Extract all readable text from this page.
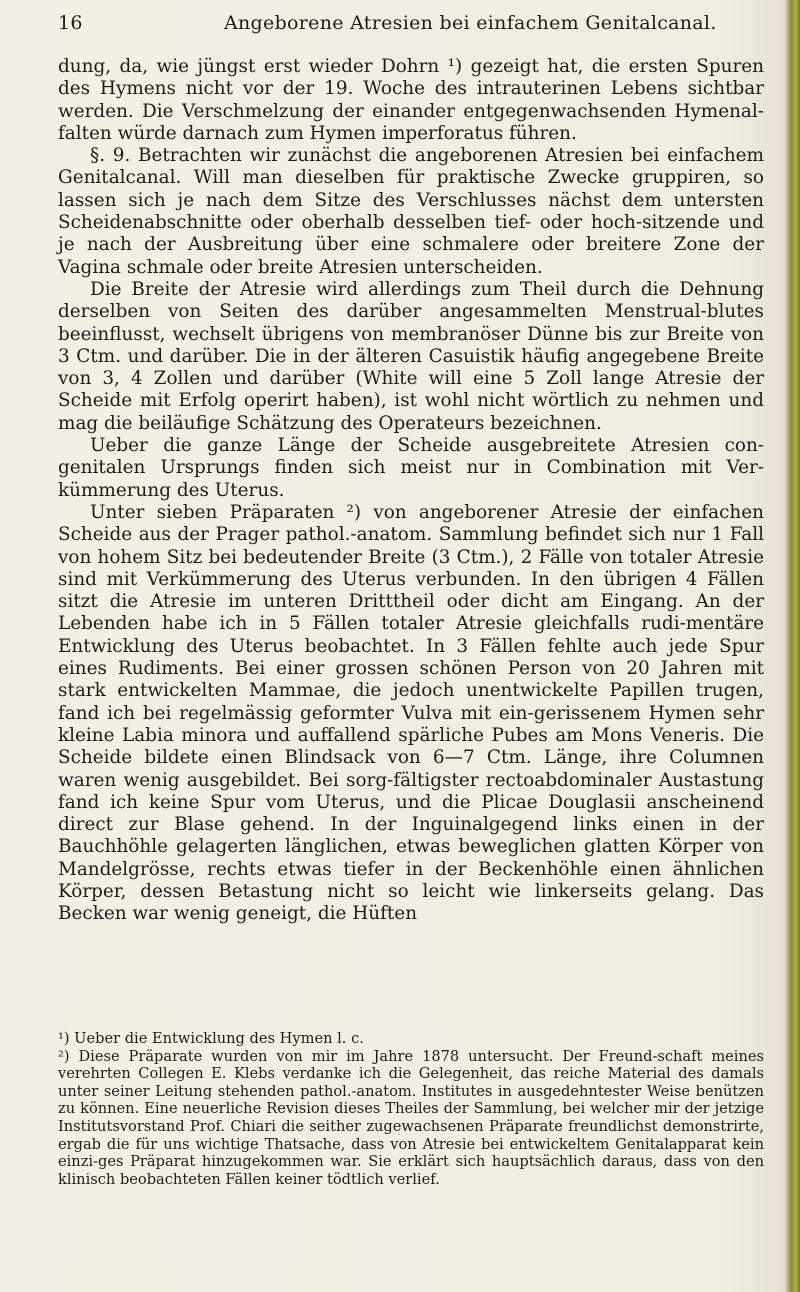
16	Angeborene Atresien bei einfachem Genitalcanal.

dung, da, wie jüngst erst wieder Dohrn ¹) gezeigt hat, die ersten Spuren des Hymens nicht vor der 19. Woche des intrauterinen Lebens sichtbar werden. Die Verschmelzung der einander entgegenwachsenden Hymenal-falten würde darnach zum Hymen imperforatus führen.

§. 9. Betrachten wir zunächst die angeborenen Atresien bei einfachem Genitalcanal. Will man dieselben für praktische Zwecke gruppiren, so lassen sich je nach dem Sitze des Verschlusses nächst dem untersten Scheidenabschnitte oder oberhalb desselben tief- oder hoch-sitzende und je nach der Ausbreitung über eine schmalere oder breitere Zone der Vagina schmale oder breite Atresien unterscheiden.

Die Breite der Atresie wird allerdings zum Theil durch die Dehnung derselben von Seiten des darüber angesammelten Menstrual-blutes beeinflusst, wechselt übrigens von membranöser Dünne bis zur Breite von 3 Ctm. und darüber. Die in der älteren Casuistik häufig angegebene Breite von 3, 4 Zollen und darüber (White will eine 5 Zoll lange Atresie der Scheide mit Erfolg operirt haben), ist wohl nicht wörtlich zu nehmen und mag die beiläufige Schätzung des Operateurs bezeichnen.

Ueber die ganze Länge der Scheide ausgebreitete Atresien con-genitalen Ursprungs finden sich meist nur in Combination mit Ver-kümmerung des Uterus.

Unter sieben Präparaten ²) von angeborener Atresie der einfachen Scheide aus der Prager pathol.-anatom. Sammlung befindet sich nur 1 Fall von hohem Sitz bei bedeutender Breite (3 Ctm.), 2 Fälle von totaler Atresie sind mit Verkümmerung des Uterus verbunden. In den übrigen 4 Fällen sitzt die Atresie im unteren Dritttheil oder dicht am Eingang. An der Lebenden habe ich in 5 Fällen totaler Atresie gleichfalls rudi-mentäre Entwicklung des Uterus beobachtet. In 3 Fällen fehlte auch jede Spur eines Rudiments. Bei einer grossen schönen Person von 20 Jahren mit stark entwickelten Mammae, die jedoch unentwickelte Papillen trugen, fand ich bei regelmässig geformter Vulva mit ein-gerissenem Hymen sehr kleine Labia minora und auffallend spärliche Pubes am Mons Veneris. Die Scheide bildete einen Blindsack von 6—7 Ctm. Länge, ihre Columnen waren wenig ausgebildet. Bei sorg-fältigster rectoabdominaler Austastung fand ich keine Spur vom Uterus, und die Plicae Douglasii anscheinend direct zur Blase gehend. In der Inguinalgegend links einen in der Bauchhöhle gelagerten länglichen, etwas beweglichen glatten Körper von Mandelgrösse, rechts etwas tiefer in der Beckenhöhle einen ähnlichen Körper, dessen Betastung nicht so leicht wie linkerseits gelang. Das Becken war wenig geneigt, die Hüften

¹) Ueber die Entwicklung des Hymen l. c.

²) Diese Präparate wurden von mir im Jahre 1878 untersucht. Der Freund-schaft meines verehrten Collegen E. Klebs verdanke ich die Gelegenheit, das reiche Material des damals unter seiner Leitung stehenden pathol.-anatom. Institutes in ausgedehntester Weise benützen zu können. Eine neuerliche Revision dieses Theiles der Sammlung, bei welcher mir der jetzige Institutsvorstand Prof. Chiari die seither zugewachsenen Präparate freundlichst demonstrirte, ergab die für uns wichtige Thatsache, dass von Atresie bei entwickeltem Genitalapparat kein einzi-ges Präparat hinzugekommen war. Sie erklärt sich hauptsächlich daraus, dass von den klinisch beobachteten Fällen keiner tödtlich verlief.
